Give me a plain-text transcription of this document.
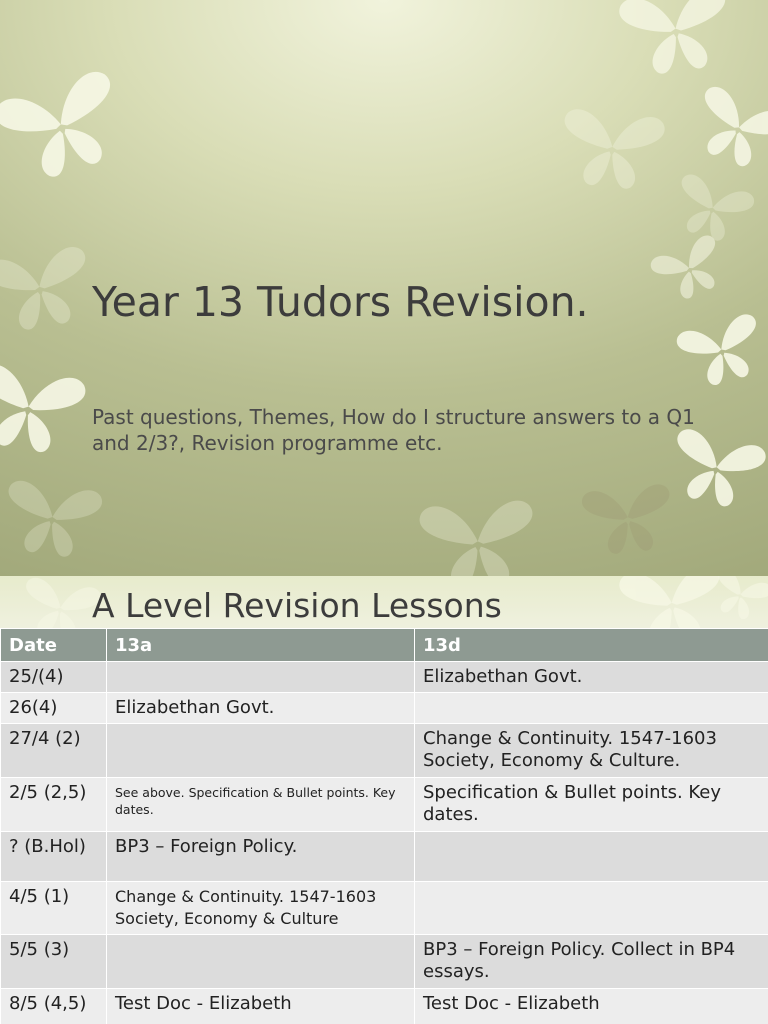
Year 13 Tudors Revision.

Past questions, Themes, How do I structure answers to a Q1 and 2/3?, Revision programme etc.

A Level Revision Lessons
Date	13a	13d
25/(4)		Elizabethan Govt.
26(4)	Elizabethan Govt.	
27/4 (2)		Change & Continuity. 1547-1603 Society, Economy & Culture.
2/5 (2,5)	See above. Specification & Bullet points. Key dates.	Specification & Bullet points. Key dates.
? (B.Hol)	BP3 – Foreign Policy.	
4/5 (1)	Change & Continuity. 1547-1603 Society, Economy & Culture	
5/5 (3)		BP3 – Foreign Policy. Collect in BP4 essays.
8/5 (4,5)	Test Doc - Elizabeth	Test Doc - Elizabeth
